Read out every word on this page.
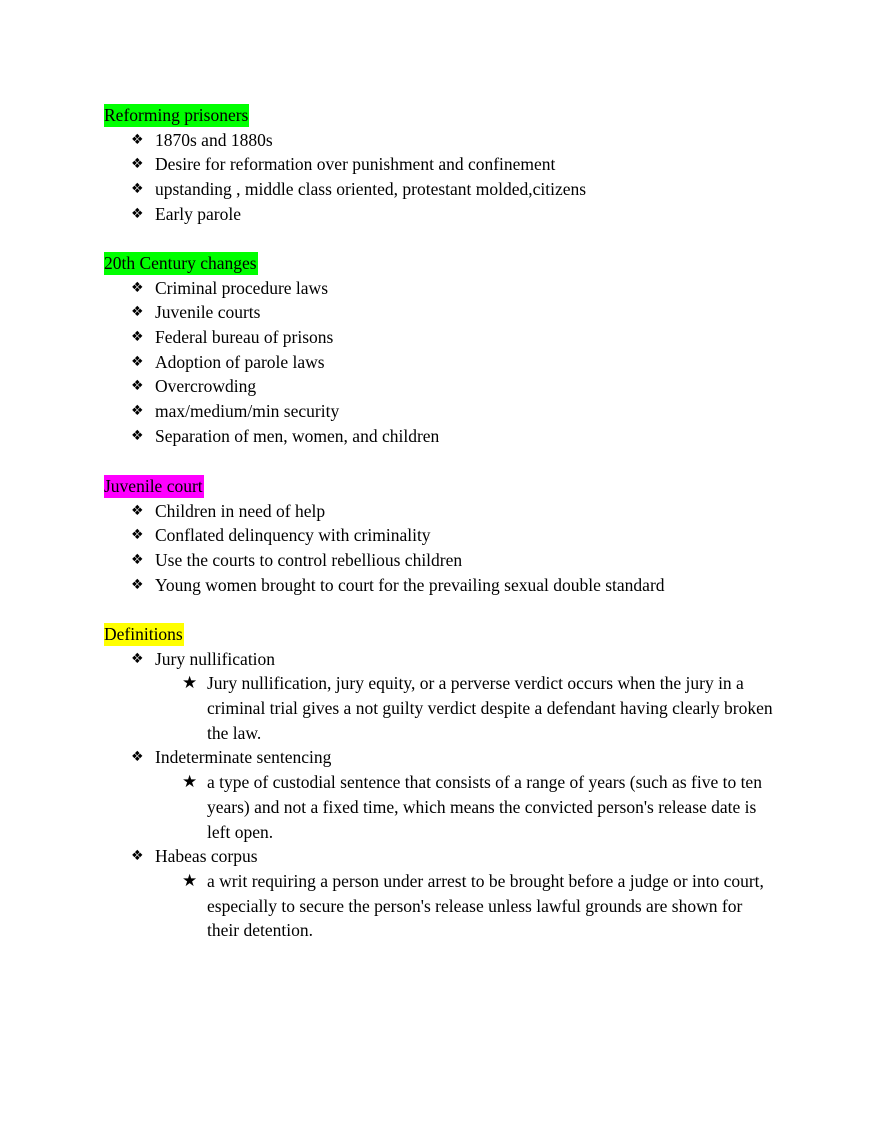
Reforming prisoners
❖ 1870s and 1880s
❖ Desire for reformation over punishment and confinement
❖ upstanding , middle class oriented, protestant molded,citizens
❖ Early parole
20th Century changes
❖ Criminal procedure laws
❖ Juvenile courts
❖ Federal bureau of prisons
❖ Adoption of parole laws
❖ Overcrowding
❖ max/medium/min security
❖ Separation of men, women, and children
Juvenile court
❖ Children in need of help
❖ Conflated delinquency with criminality
❖ Use the courts to control rebellious children
❖ Young women brought to court for the prevailing sexual double standard
Definitions
❖ Jury nullification
★ Jury nullification, jury equity, or a perverse verdict occurs when the jury in a criminal trial gives a not guilty verdict despite a defendant having clearly broken the law.
❖ Indeterminate sentencing
★ a type of custodial sentence that consists of a range of years (such as five to ten years) and not a fixed time, which means the convicted person's release date is left open.
❖ Habeas corpus
★ a writ requiring a person under arrest to be brought before a judge or into court, especially to secure the person's release unless lawful grounds are shown for their detention.
